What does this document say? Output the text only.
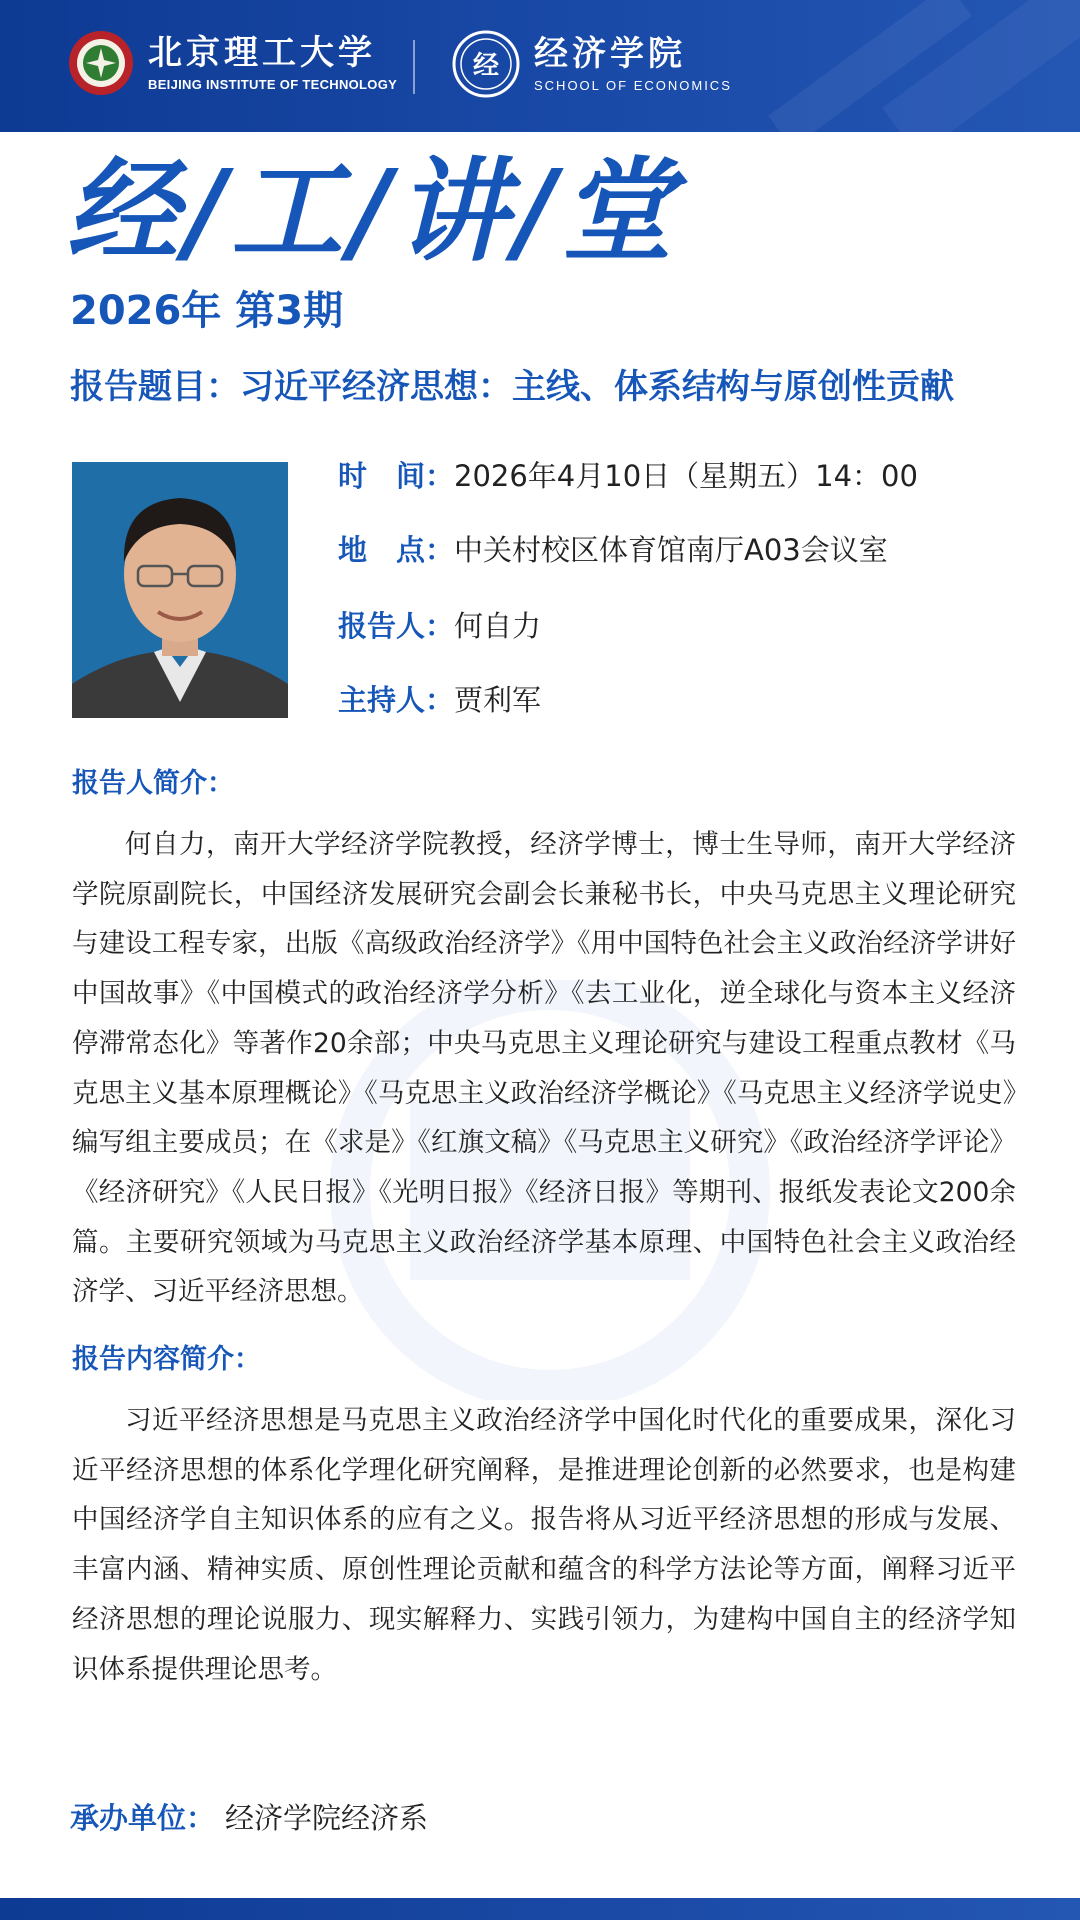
北京理工大学
BEIJING INSTITUTE OF TECHNOLOGY
经 经济学院
SCHOOL OF ECONOMICS
经/工/讲/堂
2026年 第3期
报告题目：习近平经济思想：主线、体系结构与原创性贡献
时　间：2026年4月10日（星期五）14：00
地　点：中关村校区体育馆南厅A03会议室
报告人：何自力
主持人：贾利军
报告人简介：
何自力，南开大学经济学院教授，经济学博士，博士生导师，南开大学经济学院原副院长，中国经济发展研究会副会长兼秘书长，中央马克思主义理论研究与建设工程专家，出版《高级政治经济学》《用中国特色社会主义政治经济学讲好中国故事》《中国模式的政治经济学分析》《去工业化，逆全球化与资本主义经济停滞常态化》等著作20余部；中央马克思主义理论研究与建设工程重点教材《马克思主义基本原理概论》《马克思主义政治经济学概论》《马克思主义经济学说史》编写组主要成员；在《求是》《红旗文稿》《马克思主义研究》《政治经济学评论》《经济研究》《人民日报》《光明日报》《经济日报》等期刊、报纸发表论文200余篇。主要研究领域为马克思主义政治经济学基本原理、中国特色社会主义政治经济学、习近平经济思想。
报告内容简介：
习近平经济思想是马克思主义政治经济学中国化时代化的重要成果，深化习近平经济思想的体系化学理化研究阐释，是推进理论创新的必然要求，也是构建中国经济学自主知识体系的应有之义。报告将从习近平经济思想的形成与发展、丰富内涵、精神实质、原创性理论贡献和蕴含的科学方法论等方面，阐释习近平经济思想的理论说服力、现实解释力、实践引领力，为建构中国自主的经济学知识体系提供理论思考。
承办单位： 经济学院经济系
